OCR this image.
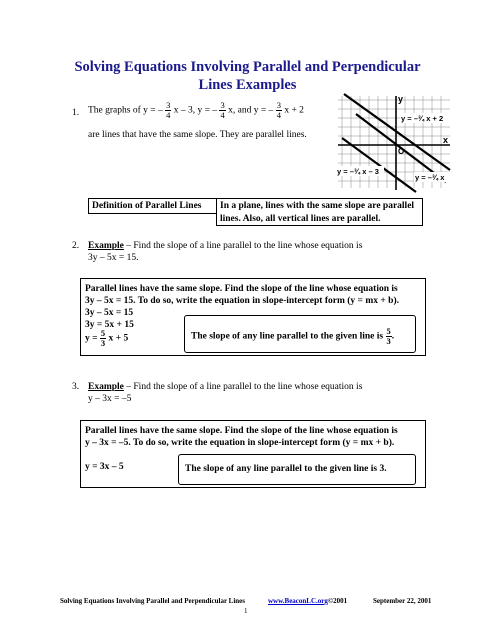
Solving Equations Involving Parallel and Perpendicular
Lines Examples
1. The graphs of y = – $\frac{3}{4}$ x – 3, y = – $\frac{3}{4} x$, and y = – $\frac{3}{4}$ x + 2
are lines that have the same slope. They are parallel lines.
y
x
O
y = –¾ x + 2
y = –¾ x – 3
y = –¾ x
Definition of Parallel Lines	In a plane, lines with the same slope are parallel
lines. Also, all vertical lines are parallel.
2. Example – Find the slope of a line parallel to the line whose equation is
3y – 5x = 15.
Parallel lines have the same slope. Find the slope of the line whose equation is
3y – 5x = 15. To do so, write the equation in slope-intercept form (y = mx + b).
3y – 5x = 15
3y = 5x + 15
$y = \frac{5}{3}$ x + 5	The slope of any line parallel to the given line is $\frac{5}{3}$ .
3. Example – Find the slope of a line parallel to the line whose equation is
y – 3x = –5
Parallel lines have the same slope. Find the slope of the line whose equation is
y – 3x = –5. To do so, write the equation in slope-intercept form (y = mx + b).
y = 3x – 5	The slope of any line parallel to the given line is 3.
Solving Equations Involving Parallel and Perpendicular Lines	www.BeaconLC.org©2001	September 22, 2001
1
